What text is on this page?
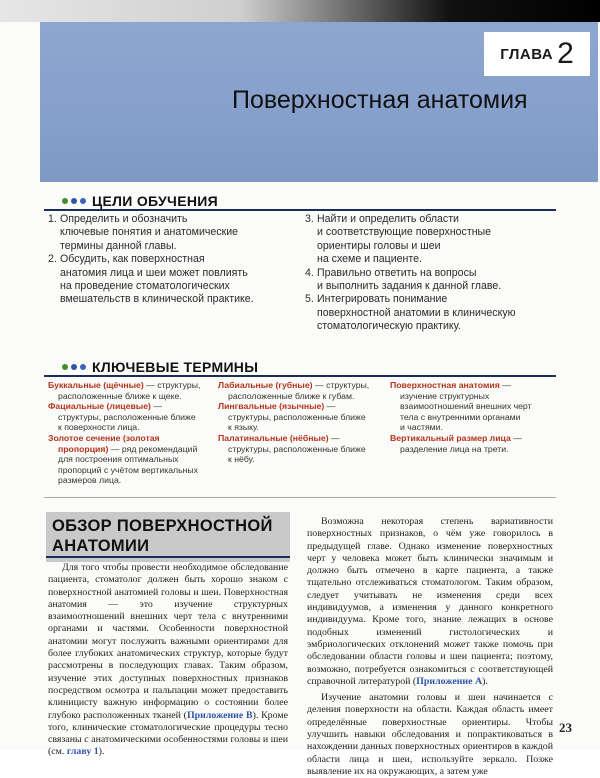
ГЛАВА 2
Поверхностная анатомия
ЦЕЛИ ОБУЧЕНИЯ
1. Определить и обозначить
ключевые понятия и анатомические
термины данной главы.
2. Обсудить, как поверхностная
анатомия лица и шеи может повлиять
на проведение стоматологических
вмешательств в клинической практике.
3. Найти и определить области
и соответствующие поверхностные
ориентиры головы и шеи
на схеме и пациенте.
4. Правильно ответить на вопросы
и выполнить задания к данной главе.
5. Интегрировать понимание
поверхностной анатомии в клиническую
стоматологическую практику.
КЛЮЧЕВЫЕ ТЕРМИНЫ
Буккальные (щёчные) — структуры,
расположенные ближе к щеке.
Фациальные (лицевые) —
структуры, расположенные ближе
к поверхности лица.
Золотое сечение (золотая
пропорция) — ряд рекомендаций
для построения оптимальных
пропорций с учётом вертикальных
размеров лица.
Лабиальные (губные) — структуры,
расположенные ближе к губам.
Лингвальные (язычные) —
структуры, расположенные ближе
к языку.
Палатинальные (нёбные) —
структуры, расположенные ближе
к нёбу.
Поверхностная анатомия —
изучение структурных
взаимоотношений внешних черт
тела с внутренними органами
и частями.
Вертикальный размер лица —
разделение лица на трети.
ОБЗОР ПОВЕРХНОСТНОЙ
АНАТОМИИ

Для того чтобы провести необходимое обследование пациента, стоматолог должен быть хорошо знаком с поверхностной анатомией головы и шеи. Поверхностная анатомия — это изучение структурных взаимоотношений внешних черт тела с внутренними органами и частями. Особенности поверхностной анатомии могут послужить важными ориентирами для более глубоких анатомических структур, которые будут рассмотрены в последующих главах. Таким образом, изучение этих доступных поверхностных признаков посредством осмотра и пальпации может предоставить клиницисту важную информацию о состоянии более глубоко расположенных тканей (Приложение В). Кроме того, клинические стоматологические процедуры тесно связаны с анатомическими особенностями головы и шеи (см. главу 1).

Возможна некоторая степень вариативности поверхностных признаков, о чём уже говорилось в предыдущей главе. Однако изменение поверхностных черт у человека может быть клинически значимым и должно быть отмечено в карте пациента, а также тщательно отслеживаться стоматологом. Таким образом, следует учитывать не изменения среди всех индивидуумов, а изменения у данного конкретного индивидуума. Кроме того, знание лежащих в основе подобных изменений гистологических и эмбриологических отклонений может также помочь при обследовании области головы и шеи пациента; поэтому, возможно, потребуется ознакомиться с соответствующей справочной литературой (Приложение А).

Изучение анатомии головы и шеи начинается с деления поверхности на области. Каждая область имеет определённые поверхностные ориентиры. Чтобы улучшить навыки обследования и попрактиковаться в нахождении данных поверхностных ориентиров в каждой области лица и шеи, используйте зеркало. Позже выявление их на окружающих, а затем уже

23
